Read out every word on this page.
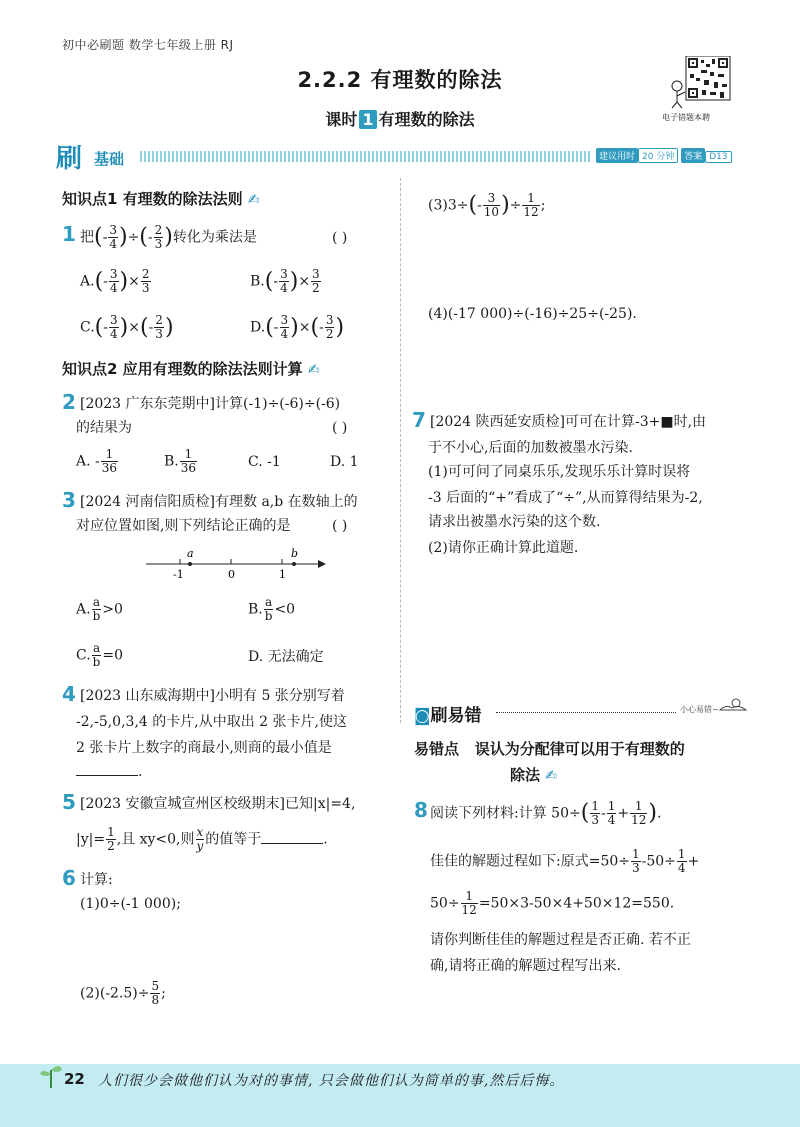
初中必刷题 数学七年级上册 RJ
2.2.2 有理数的除法
课时 1 有理数的除法	电子错题本聘
刷 基础	建议用时 20 分钟 答案 D13
知识点1 有理数的除法法则 ✍
1 把(- $\frac{3}{4}$ )÷(- $\frac{2}{3}$ )转化为乘法是	( )
$A.(- \frac{3}{4}$ )× $\frac{2}{3}$	$B.(- \frac{3}{4}$ )× $\frac{3}{2}$
$C.(- \frac{3}{4}$ )×(- $\frac{2}{3}$ )	$D.(- \frac{3}{4}$ )×(- $\frac{3}{2}$ )
知识点2 应用有理数的除法法则计算 ✍
2 [2023 广东东莞期中]计算(-1)÷(-6)÷(-6)
的结果为	( )
A. - $\frac{1}{36}$	B. $\frac{1}{36}$	C. -1	D. 1
3 [2024 河南信阳质检]有理数 a,b 在数轴上的
对应位置如图,则下列结论正确的是	( )
a	b
-1	0	1
A. $\frac{a}{b} >0$	B. $\frac{a}{b} <0$
C. $\frac{a}{b} =0$	D. 无法确定
4 [2023 山东威海期中]小明有 5 张分别写着
-2,-5,0,3,4 的卡片,从中取出 2 张卡片,使这
2 张卡片上数字的商最小,则商的最小值是
.
5 [2023 安徽宣城宣州区校级期末]已知|x|=4,
$|y|= \frac{1}{2}$ ,且 xy<0,则 $\frac{x}{y}$ 的值等于	.
6 计算:
(1)0÷(-1 000);
$(2)(-2.5)\div \frac{5}{8}$ ;
$(3)3\div(- \frac{3}{10}$ )÷ $\frac{1}{12}$ ;
(4)(-17 000)÷(-16)÷25÷(-25).
7 [2024 陕西延安质检]可可在计算-3+■时,由
于不小心,后面的加数被墨水污染.
(1)可可问了同桌乐乐,发现乐乐计算时误将
-3 后面的“+”看成了“÷”,从而算得结果为-2,
请求出被墨水污染的这个数.
(2)请你正确计算此道题.
◙刷易错	小心易错~
易错点 误认为分配律可以用于有理数的
除法 ✍
8 阅读下列材料:计算 $50\div( \frac{1}{3} - \frac{1}{4} + \frac{1}{12}$ ).
佳佳的解题过程如下:原式$=50\div \frac{1}{3} -50\div \frac{1}{4}$ +
$50\div \frac{1}{12} =50\times 3-50\times 4+50\times 12=550$.
请你判断佳佳的解题过程是否正确. 若不正
确,请将正确的解题过程写出来.
22 人们很少会做他们认为对的事情, 只会做他们认为简单的事,然后后悔。
